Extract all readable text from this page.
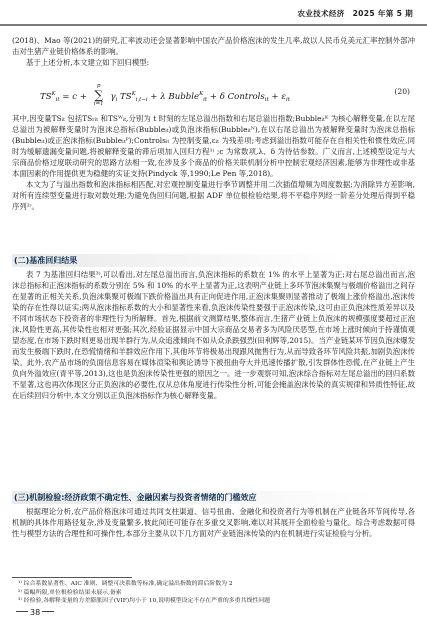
农业技术经济　2025 年第 5 期

(2018)、Mao 等(2021)的研究,汇率波动还会显著影响中国农产品价格泡沫的发生几率,故以人民币兑美元汇率控制外部冲击对生猪产业链价格体系的影响。

基于上述分析,本文建立如下回归模型:

$TS^K_{it} = c$ +
p
∑
i=1
$\gamma_i$ $TS^K_{i,t-i} + \lambda$ Bubble$^K_{it}$ + δ Controls$_{it}$ + $\varepsilon_{it}$
(20)

其中,因变量TSᵢₜ 包括TSᵣᵢₜ 和TSᵂᵢₜ,分别为 t 时刻的左尾总溢出指数和右尾总溢出指数;Bubbleᵢₜᴷ 为核心解释变量,在以左尾总溢出为被解释变量时为泡沫总指标(Bubbleᵢₜ)或负泡沫指标(Bubbleᵢₜᴺ),在以右尾总溢出为被解释变量时为泡沫总指标(Bubbleᵢₜ)或正泡沫指标(Bubbleᵢₜᴾ);Controlsᵢₜ 为控制变量,εᵢₜ 为残差项;考虑到溢出指数可能存在自相关性和惯性效应,同时为缓解遗漏变量问题,将被解释变量的滞后项加入回归方程¹⁾ ;c 为常数项,λ、δ 为待估参数。广义而言,上述模型设定与大宗商品价格过度联动研究的思路方法相一致,在涉及多个商品的价格关联机制分析中控制宏观经济因素,能够为非理性或非基本面因素的作用提供更为稳健的实证支持(Pindyck 等,1990;Le Pen 等,2018)。

本文为了与溢出指数和泡沫指标相匹配,对宏观控制变量进行季节调整并用二次插值增频为周度数据;为消除异方差影响,对所有连续型变量进行取对数处理;为避免伪回归问题,根据 ADF 单位根检验结果,将不平稳序列经一阶差分处理后得到平稳序列²⁾。

(二)基准回归结果

表 7 为基准回归结果³⁾,可以看出,对左尾总溢出而言,负泡沫指标的系数在 1% 的水平上显著为正;对右尾总溢出而言,泡沫总指标和正泡沫指标的系数分别在 5% 和 10% 的水平上显著为正,这表明产业链上多环节泡沫集聚与极端价格溢出之间存在显著的正相关关系,负泡沫集聚可极端下跌价格溢出具有正向促进作用,正泡沫集聚则显著推动了极端上涨价格溢出,泡沫传染的存在性得以证实;两从泡沫指标系数的大小和显著性来看,负泡沫传染性要强于正泡沫传染,这可由正负泡沫性质差异以及不同市场状态下投资者的非理性行为所解释。首先,根据前文测算结果,整体而言,生猪产业链上负泡沫的规模强度要超过正泡沫,风险性更高,其传染性也相对更强;其次,经验证据显示中国大宗商品交易者多为风险厌恶型,在市场上涨时倾向于持谨慎观望态度,在市场下跌时则更易出现羊群行为,从众追涨倾向不如从众杀跌强烈(田利辉等,2015)。当产业链某环节因负泡沫爆发而发生极端下跌时,在恐慌情绪和羊群效应作用下,其他环节将极易出现跟风抛售行为,从而导致各环节风险共振,加剧负泡沫传染。此外,农产品市场的负面信息容易在媒体渲染和舆论诱导下被扭曲夸大并迅速传播扩散,引发群体性恐慌,在产业链上产生负向外溢效应(青平等,2013),这也是负泡沫传染性更强的原因之一。进一步观察可知,泡沫综合指标对左尾总溢出的回归系数不显著,这也再次体现区分正负泡沫的必要性,仅从总体角度进行传染性分析,可能会掩盖泡沫传染的真实规律和异质性特征,故在后续回归分析中,本文分别以正负泡沫指标作为核心解释变量。

(三)机制检验:经济政策不确定性、金融因素与投资者情绪的门槛效应

根据理论分析,农产品价格泡沫可通过共同支柱渠道、信号扭曲、金融化和投资者行为等机制在产业链各环节间传导,各机制的具体作用路径复杂,涉及变量繁多,彼此间还可能存在多重交叉影响,难以对其展开全面检验与量化。综合考虑数据可得性与模型方法的合理性和可操作性,本部分主要从以下几方面对产业链泡沫传染的内在机制进行实证检验与分析。

¹⁾ 综合系数显著性、AIC 准则、调整可决系数等标准,确定溢出指数的滞后阶数为 2
²⁾ 篇幅所限,单位根检验结果未展示,备索
³⁾ 经检验,各解释变量的方差膨胀因子(VIF)均小于 10,说明模型设定不存在严重的多重共线性问题
38
